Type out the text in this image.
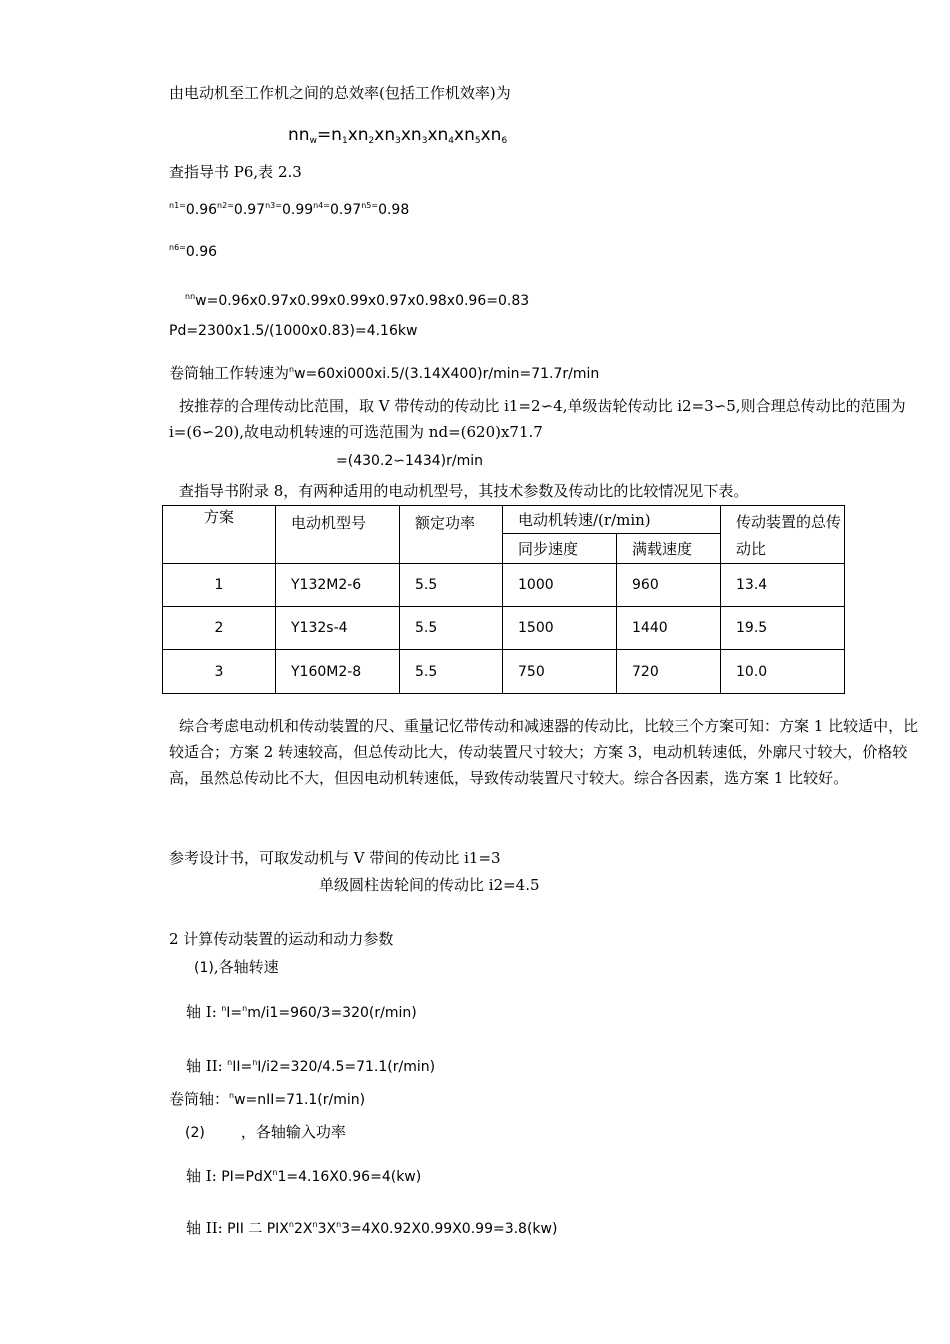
由电动机至工作机之间的总效率(包括工作机效率)为
$nn_w=n_1xn_2xn_3xn_3xn_4xn_5xn_6$
查指导书 P6,表 2.3
$^{n1=}0.96^{n2=}0.97^{n3=}0.99^{n4=}0.97^{n5=}0.98$
$^{n6=}$0.96
$^{nn}$w=0.96x0.97x0.99x0.99x0.97x0.98x0.96=0.83
Pd=2300x1.5/(1000x0.83)=4.16kw
卷筒轴工作转速为$^n$w=60xi000xi.5/(3.14X400)r/min=71.7r/min
按推荐的合理传动比范围，取 V 带传动的传动比 i1=2∽4,单级齿轮传动比 i2=3∽5,则合理总传动比的范围为 i=(6∽20),故电动机转速的可选范围为 nd=(620)x71.7
=(430.2∽1434)r/min
查指导书附录 8，有两种适用的电动机型号，其技术参数及传动比的比较情况见下表。
方案	电动机型号	额定功率	电动机转速/(r/min)		传动装置的总传动比
			同步速度	满载速度	
1	Y132M2-6	5.5	1000	960	13.4
2	Y132s-4	5.5	1500	1440	19.5
3	Y160M2-8	5.5	750	720	10.0
综合考虑电动机和传动装置的尺、重量记忆带传动和减速器的传动比，比较三个方案可知：方案 1 比较适中，比较适合；方案 2 转速较高，但总传动比大，传动装置尺寸较大；方案 3，电动机转速低，外廓尺寸较大，价格较高，虽然总传动比不大，但因电动机转速低，导致传动装置尺寸较大。综合各因素，选方案 1 比较好。
参考设计书，可取发动机与 V 带间的传动比 i1=3
单级圆柱齿轮间的传动比 i2=4.5
2 计算传动装置的运动和动力参数
(1),各轴转速
轴 I: $^n$I=$^n$m/i1=960/3=320(r/min)
轴 II: $^n$II=$^n$I/i2=320/4.5=71.1(r/min)
卷筒轴：$^n$w=nII=71.1(r/min)
(2) ，各轴输入功率
轴 I: PI=PdX$^n$1=4.16X0.96=4(kw)
轴 II: PII 二 $PIX^n2X^n3X^n3=4X0.92X0.99X0.99=3.8(kw)$
